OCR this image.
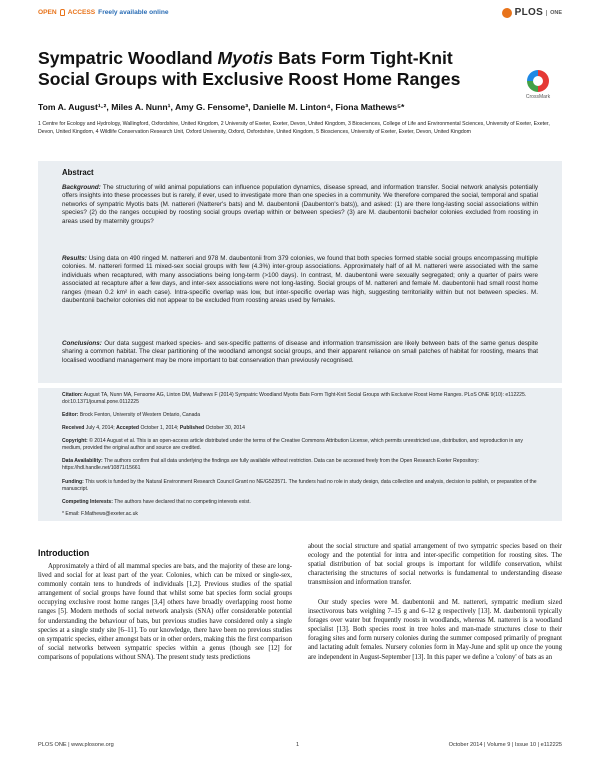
OPEN ACCESS Freely available online	PLOS	ONE
Sympatric Woodland Myotis Bats Form Tight-Knit Social Groups with Exclusive Roost Home Ranges
CrossMark
Tom A. August¹·², Miles A. Nunn¹, Amy G. Fensome³, Danielle M. Linton⁴, Fiona Mathews⁵*
1 Centre for Ecology and Hydrology, Wallingford, Oxfordshire, United Kingdom, 2 University of Exeter, Exeter, Devon, United Kingdom, 3 Biosciences, College of Life and Environmental Sciences, University of Exeter, Exeter, Devon, United Kingdom, 4 Wildlife Conservation Research Unit, Oxford University, Oxford, Oxfordshire, United Kingdom, 5 Biosciences, University of Exeter, Exeter, Devon, United Kingdom
Abstract

Background: The structuring of wild animal populations can influence population dynamics, disease spread, and information transfer. Social network analysis potentially offers insights into these processes but is rarely, if ever, used to investigate more than one species in a community. We therefore compared the social, temporal and spatial networks of sympatric Myotis bats (M. nattereri (Natterer's bats) and M. daubentonii (Daubenton's bats)), and asked: (1) are there long-lasting social associations within species? (2) do the ranges occupied by roosting social groups overlap within or between species? (3) are M. daubentonii bachelor colonies excluded from roosting in areas used by maternity groups?

Results: Using data on 490 ringed M. nattereri and 978 M. daubentonii from 379 colonies, we found that both species formed stable social groups encompassing multiple colonies. M. nattereri formed 11 mixed-sex social groups with few (4.3%) inter-group associations. Approximately half of all M. nattereri were associated with the same individuals when recaptured, with many associations being long-term (>100 days). In contrast, M. daubentonii were sexually segregated; only a quarter of pairs were associated at recapture after a few days, and inter-sex associations were not long-lasting. Social groups of M. nattereri and female M. daubentonii had small roost home ranges (mean 0.2 km² in each case). Intra-specific overlap was low, but inter-specific overlap was high, suggesting territoriality within but not between species. M. daubentonii bachelor colonies did not appear to be excluded from roosting areas used by females.

Conclusions: Our data suggest marked species- and sex-specific patterns of disease and information transmission are likely between bats of the same genus despite sharing a common habitat. The clear partitioning of the woodland amongst social groups, and their apparent reliance on small patches of habitat for roosting, means that localised woodland management may be more important to bat conservation than previously recognised.

Citation: August TA, Nunn MA, Fensome AG, Linton DM, Mathews F (2014) Sympatric Woodland Myotis Bats Form Tight-Knit Social Groups with Exclusive Roost Home Ranges. PLoS ONE 9(10): e112225. doi:10.1371/journal.pone.0112225

Editor: Brock Fenton, University of Western Ontario, Canada

Received July 4, 2014; Accepted October 1, 2014; Published October 30, 2014

Copyright: © 2014 August et al. This is an open-access article distributed under the terms of the Creative Commons Attribution License, which permits unrestricted use, distribution, and reproduction in any medium, provided the original author and source are credited.

Data Availability: The authors confirm that all data underlying the findings are fully available without restriction. Data can be accessed freely from the Open Research Exeter Repository: https://hdl.handle.net/10871/15661

Funding: This work is funded by the Natural Environment Research Council Grant no NE/G523571. The funders had no role in study design, data collection and analysis, decision to publish, or preparation of the manuscript.

Competing Interests: The authors have declared that no competing interests exist.

* Email: F.Mathews@exeter.ac.uk

Introduction

Approximately a third of all mammal species are bats, and the majority of these are long-lived and social for at least part of the year. Colonies, which can be mixed or single-sex, commonly contain tens to hundreds of individuals [1,2]. Previous studies of the spatial arrangement of social groups have found that whilst some bat species form social groups occupying exclusive roost home ranges [3,4] others have broadly overlapping roost home ranges [5]. Modern methods of social network analysis (SNA) offer considerable potential for understanding the behaviour of bats, but previous studies have considered only a single species at a single study site [6–11]. To our knowledge, there have been no previous studies on sympatric species, either amongst bats or in other orders, making this the first comparison of social networks between sympatric species within a genus (though see [12] for comparisons of populations without SNA). The present study tests predictions

about the social structure and spatial arrangement of two sympatric species based on their ecology and the potential for intra and inter-specific competition for roosting sites. The spatial distribution of bat social groups is important for wildlife conservation, whilst characterising the structures of social networks is fundamental to understanding disease transmission and information transfer.

Our study species were M. daubentonii and M. nattereri, sympatric medium sized insectivorous bats weighing 7–15 g and 6–12 g respectively [13]. M. daubentonii typically forages over water but frequently roosts in woodlands, whereas M. nattereri is a woodland specialist [13]. Both species roost in tree holes and man-made structures close to their foraging sites and form nursery colonies during the summer composed primarily of pregnant and lactating adult females. Nursery colonies form in May-June and split up once the young are independent in August-September [13]. In this paper we define a 'colony' of bats as an

PLOS ONE | www.plosone.org	1	October 2014 | Volume 9 | Issue 10 | e112225
